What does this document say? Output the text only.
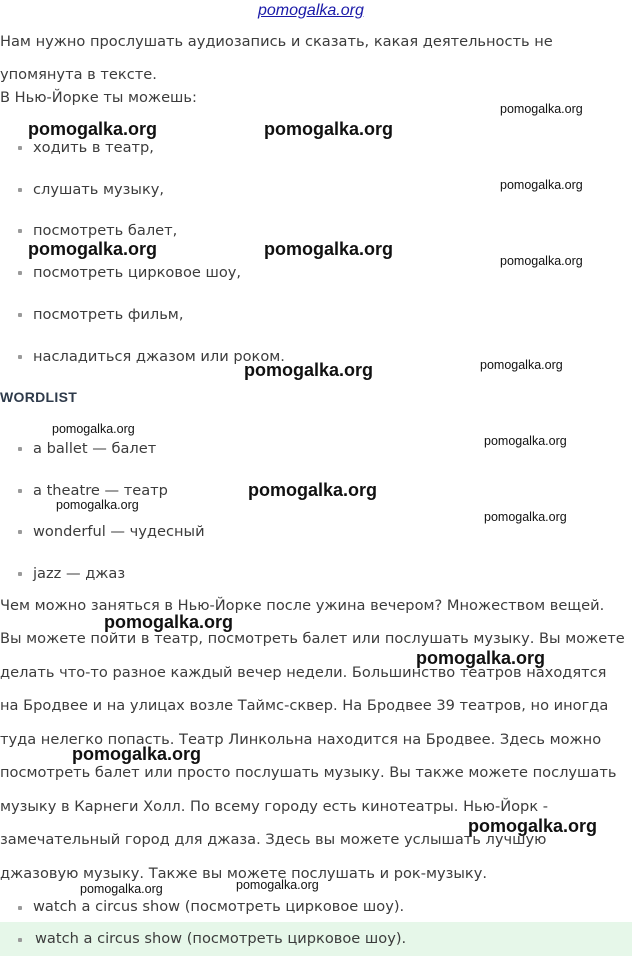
pomogalka.org
Нам нужно прослушать аудиозапись и сказать, какая деятельность не
упомянута в тексте.
В Нью-Йорке ты можешь:
ходить в театр,
слушать музыку,
посмотреть балет,
посмотреть цирковое шоу,
посмотреть фильм,
насладиться джазом или роком.
WORDLIST
a ballet — балет
a theatre — театр
wonderful — чудесный
jazz — джаз
Чем можно заняться в Нью-Йорке после ужина вечером? Множеством вещей.
Вы можете пойти в театр, посмотреть балет или послушать музыку. Вы можете
делать что-то разное каждый вечер недели. Большинство театров находятся
на Бродвее и на улицах возле Таймс-сквер. На Бродвее 39 театров, но иногда
туда нелегко попасть. Театр Линкольна находится на Бродвее. Здесь можно
посмотреть балет или просто послушать музыку. Вы также можете послушать
музыку в Карнеги Холл. По всему городу есть кинотеатры. Нью-Йорк -
замечательный город для джаза. Здесь вы можете услышать лучшую
джазовую музыку. Также вы можете послушать и рок-музыку.
watch a circus show (посмотреть цирковое шоу).
watch a circus show (посмотреть цирковое шоу).
pomogalka.org	pomogalka.org
pomogalka.org
pomogalka.org
pomogalka.org	pomogalka.org
pomogalka.org
pomogalka.org	pomogalka.org
pomogalka.org
pomogalka.org
pomogalka.org
pomogalka.org
pomogalka.org
pomogalka.org
pomogalka.org
pomogalka.org
pomogalka.org
pomogalka.org	pomogalka.org
